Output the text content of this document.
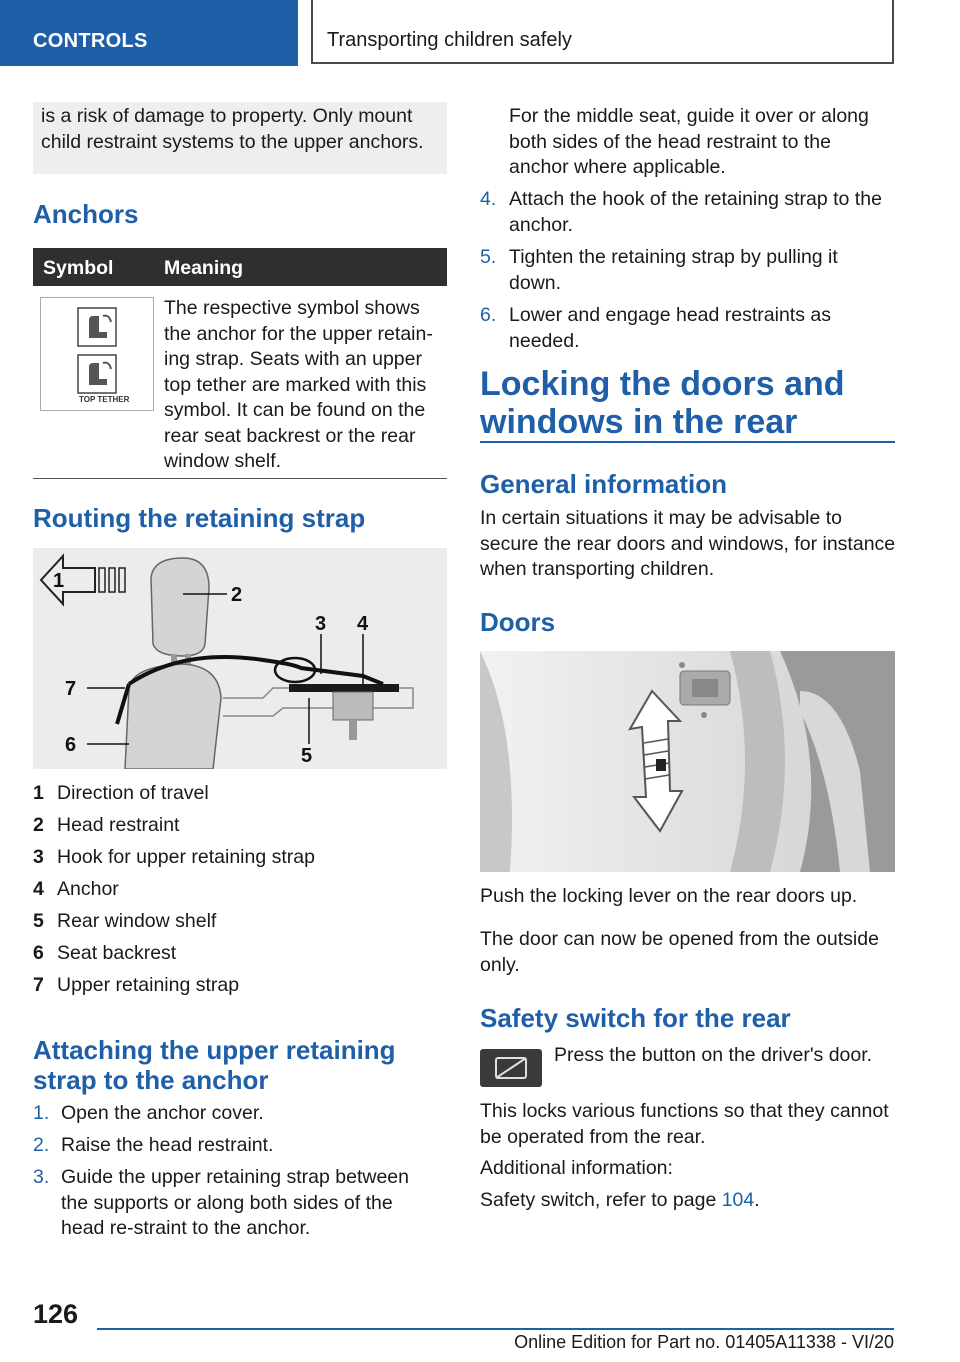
CONTROLS	Transporting children safely
is a risk of damage to property. Only mount child restraint systems to the upper anchors.
Anchors
Symbol	Meaning
TOP TETHER
The respective symbol shows the anchor for the upper retain-ing strap. Seats with an upper top tether are marked with this symbol. It can be found on the rear seat backrest or the rear window shelf.
Routing the retaining strap
1
2
3 4
5
6
7
1 Direction of travel
2 Head restraint
3 Hook for upper retaining strap
4 Anchor
5 Rear window shelf
6 Seat backrest
7 Upper retaining strap
Attaching the upper retaining
strap to the anchor
1. Open the anchor cover.
2. Raise the head restraint.
3. Guide the upper retaining strap between the supports or along both sides of the head re-straint to the anchor.
For the middle seat, guide it over or along both sides of the head restraint to the anchor where applicable.
4. Attach the hook of the retaining strap to the anchor.
5. Tighten the retaining strap by pulling it down.
6. Lower and engage head restraints as needed.
Locking the doors and
windows in the rear
General information
In certain situations it may be advisable to secure the rear doors and windows, for instance when transporting children.
Doors
Push the locking lever on the rear doors up.
The door can now be opened from the outside only.
Safety switch for the rear
Press the button on the driver's door.
This locks various functions so that they cannot be operated from the rear.
Additional information:
Safety switch, refer to page 104.
126
Online Edition for Part no. 01405A11338 - VI/20
